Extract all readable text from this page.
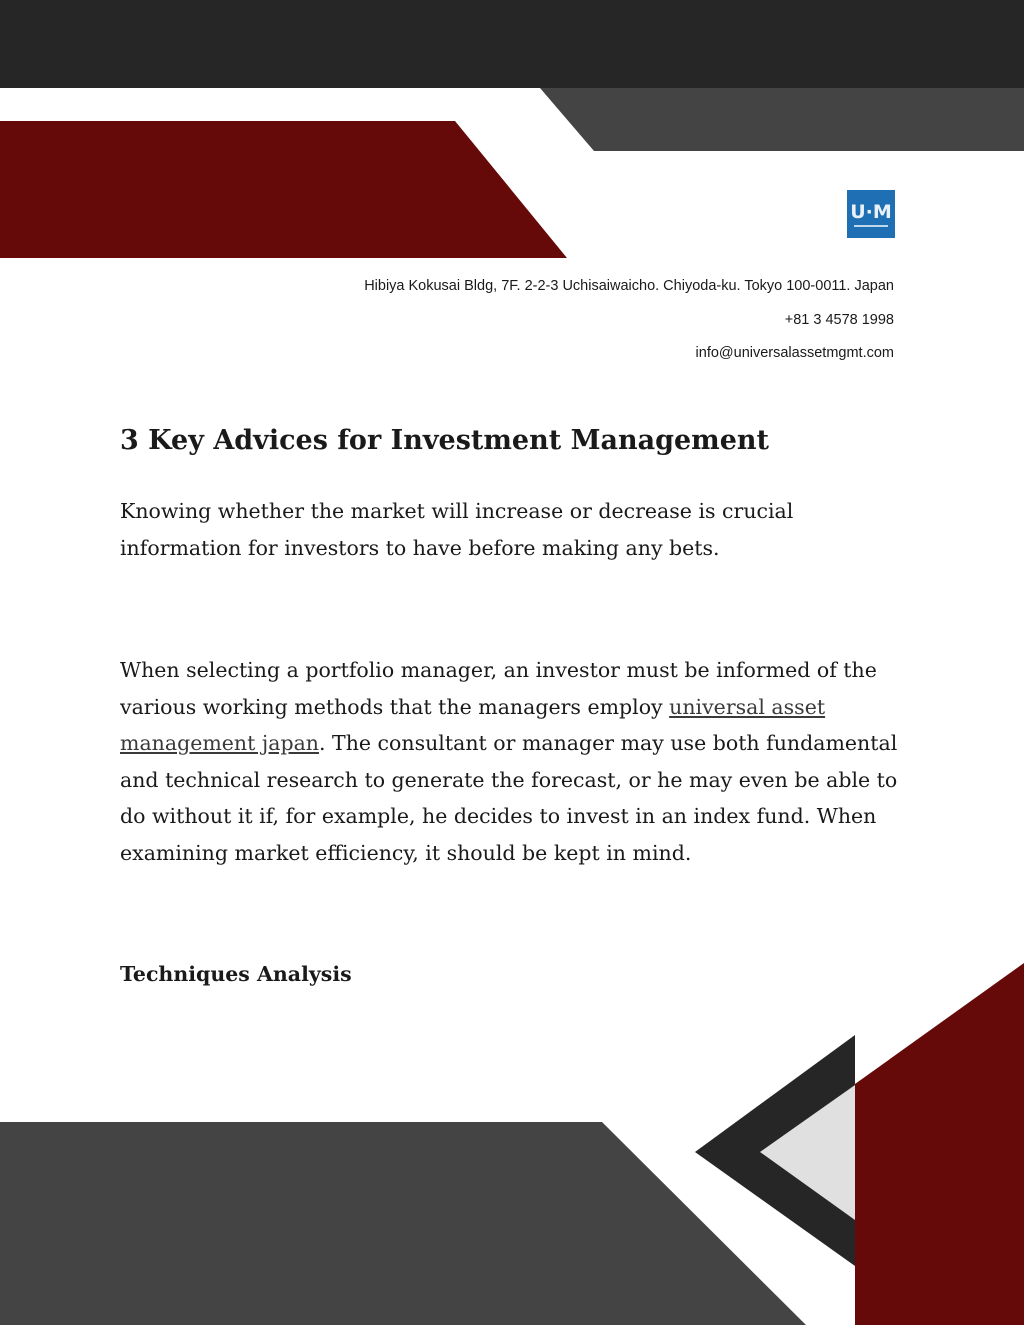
U·M
Hibiya Kokusai Bldg, 7F. 2-2-3 Uchisaiwaicho. Chiyoda-ku. Tokyo 100-0011. Japan
+81 3 4578 1998
info@universalassetmgmt.com
3 Key Advices for Investment Management

Knowing whether the market will increase or decrease is crucial information for investors to have before making any bets.

When selecting a portfolio manager, an investor must be informed of the various working methods that the managers employ universal asset management japan. The consultant or manager may use both fundamental and technical research to generate the forecast, or he may even be able to do without it if, for example, he decides to invest in an index fund. When examining market efficiency, it should be kept in mind.

Techniques Analysis
